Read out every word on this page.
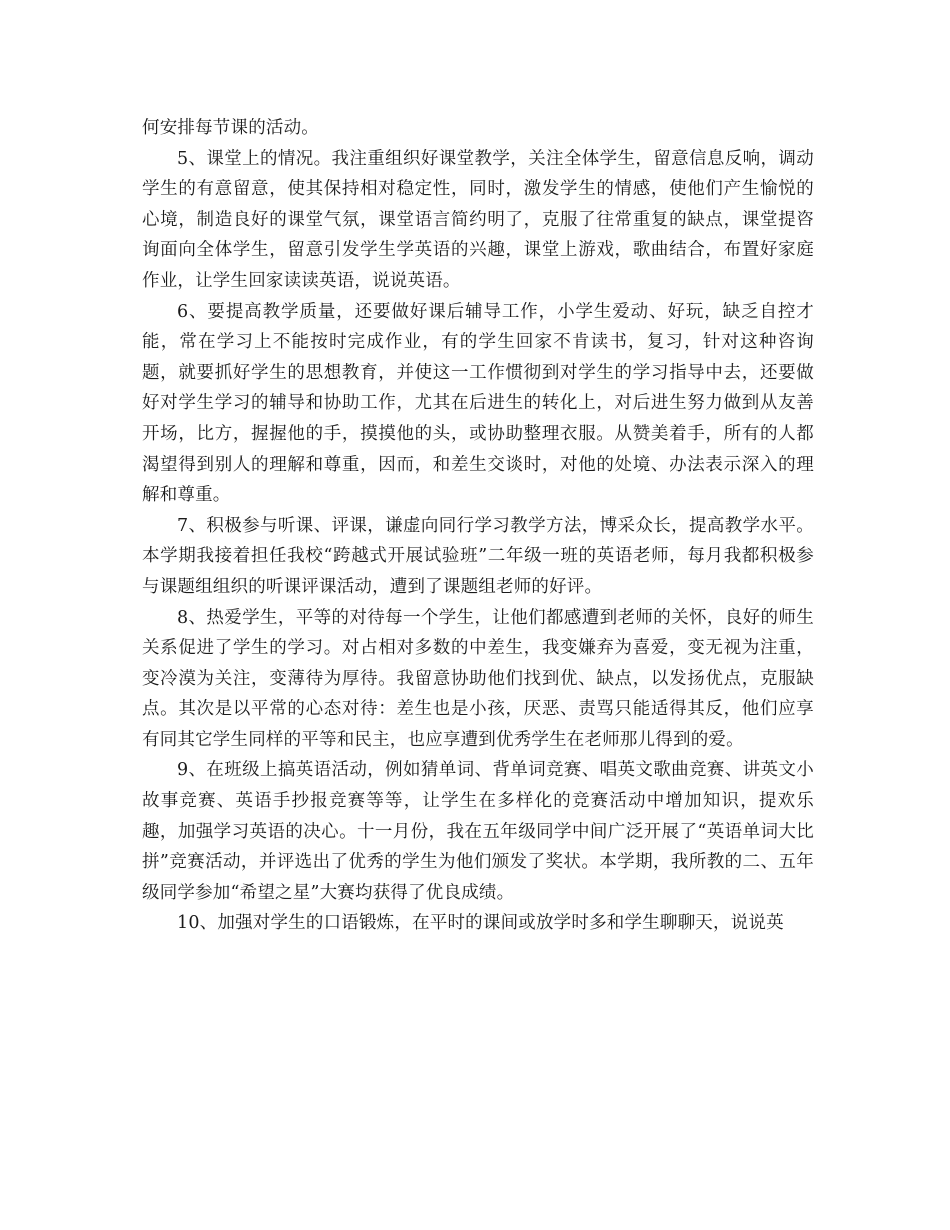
何安排每节课的活动。

5、课堂上的情况。我注重组织好课堂教学，关注全体学生，留意信息反响，调动学生的有意留意，使其保持相对稳定性，同时，激发学生的情感，使他们产生愉悦的心境，制造良好的课堂气氛，课堂语言简约明了，克服了往常重复的缺点，课堂提咨询面向全体学生，留意引发学生学英语的兴趣，课堂上游戏，歌曲结合，布置好家庭作业，让学生回家读读英语，说说英语。

6、要提高教学质量，还要做好课后辅导工作，小学生爱动、好玩，缺乏自控才能，常在学习上不能按时完成作业，有的学生回家不肯读书，复习，针对这种咨询题，就要抓好学生的思想教育，并使这一工作惯彻到对学生的学习指导中去，还要做好对学生学习的辅导和协助工作，尤其在后进生的转化上，对后进生努力做到从友善开场，比方，握握他的手，摸摸他的头，或协助整理衣服。从赞美着手，所有的人都渴望得到别人的理解和尊重，因而，和差生交谈时，对他的处境、办法表示深入的理解和尊重。

7、积极参与听课、评课，谦虚向同行学习教学方法，博采众长，提高教学水平。本学期我接着担任我校“跨越式开展试验班”二年级一班的英语老师，每月我都积极参与课题组组织的听课评课活动，遭到了课题组老师的好评。

8、热爱学生，平等的对待每一个学生，让他们都感遭到老师的关怀，良好的师生关系促进了学生的学习。对占相对多数的中差生，我变嫌弃为喜爱，变无视为注重，变冷漠为关注，变薄待为厚待。我留意协助他们找到优、缺点，以发扬优点，克服缺点。其次是以平常的心态对待：差生也是小孩，厌恶、责骂只能适得其反，他们应享有同其它学生同样的平等和民主，也应享遭到优秀学生在老师那儿得到的爱。

9、在班级上搞英语活动，例如猜单词、背单词竞赛、唱英文歌曲竞赛、讲英文小故事竞赛、英语手抄报竞赛等等，让学生在多样化的竞赛活动中增加知识，提欢乐趣，加强学习英语的决心。十一月份，我在五年级同学中间广泛开展了“英语单词大比拼”竞赛活动，并评选出了优秀的学生为他们颁发了奖状。本学期，我所教的二、五年级同学参加“希望之星”大赛均获得了优良成绩。

10、加强对学生的口语锻炼，在平时的课间或放学时多和学生聊聊天，说说英
